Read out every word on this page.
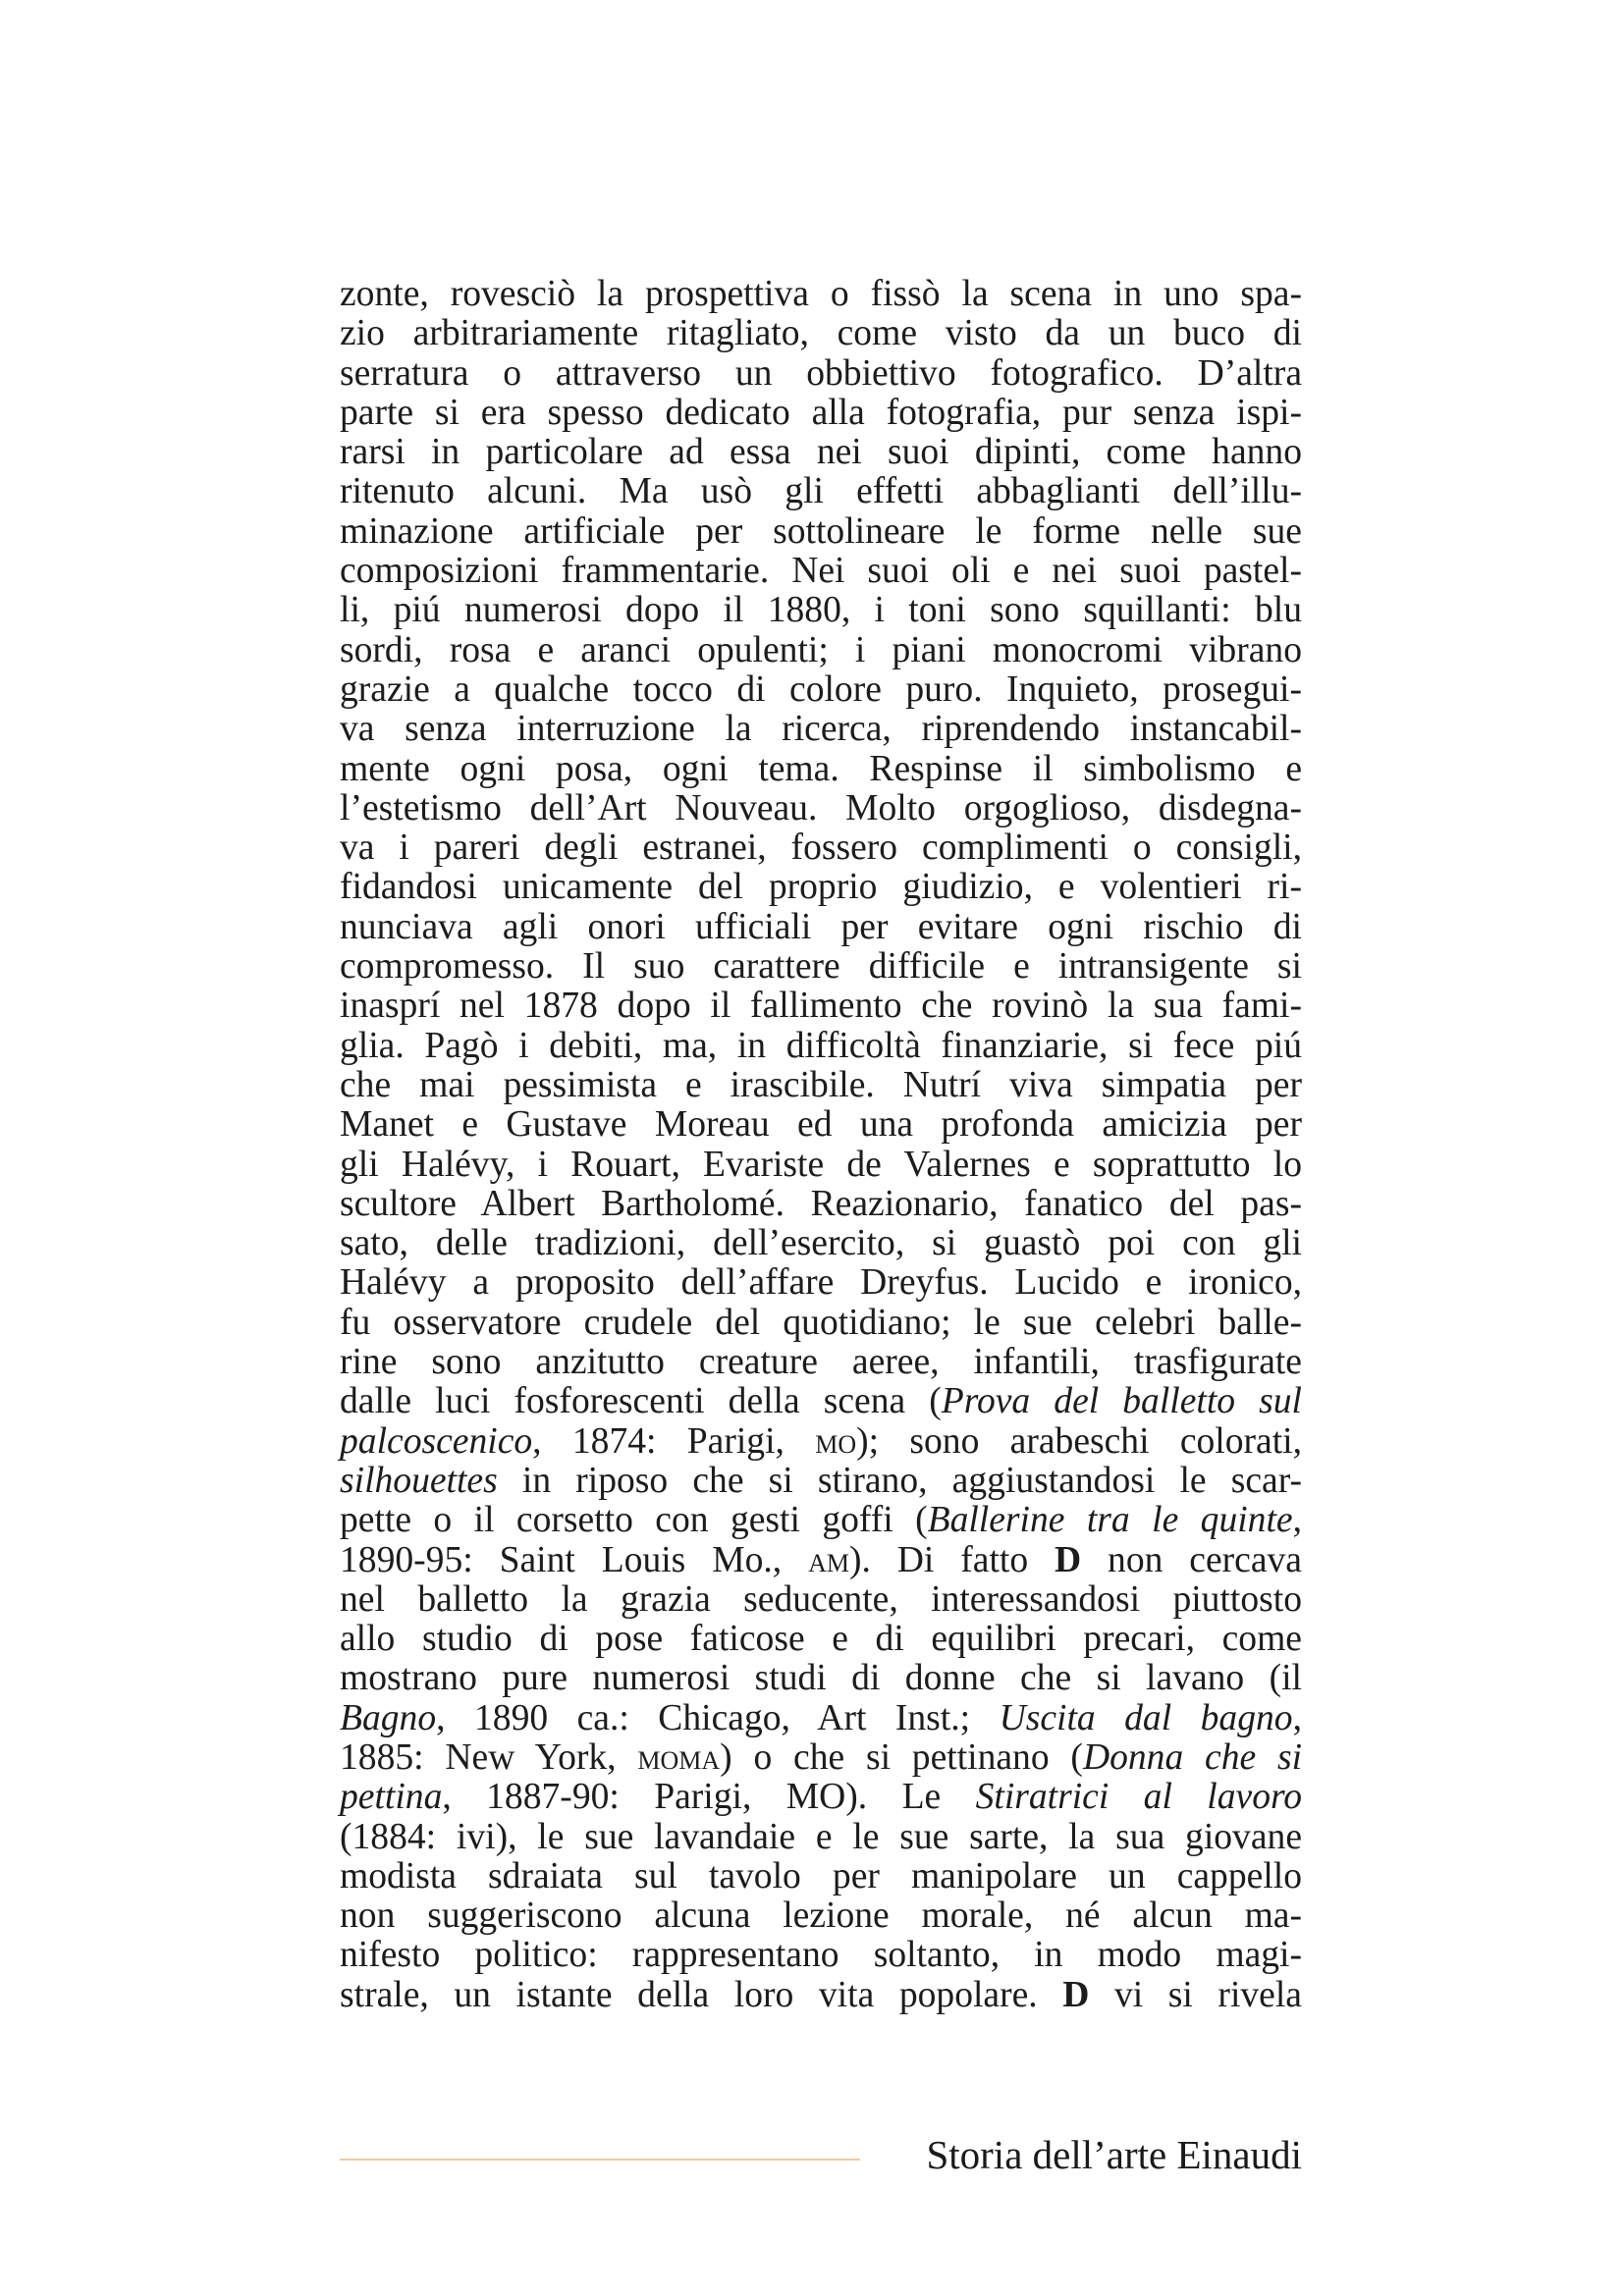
zonte, rovesciò la prospettiva o fissò la scena in uno spa-
zio arbitrariamente ritagliato, come visto da un buco di
serratura o attraverso un obbiettivo fotografico. D’altra
parte si era spesso dedicato alla fotografia, pur senza ispi-
rarsi in particolare ad essa nei suoi dipinti, come hanno
ritenuto alcuni. Ma usò gli effetti abbaglianti dell’illu-
minazione artificiale per sottolineare le forme nelle sue
composizioni frammentarie. Nei suoi oli e nei suoi pastel-
li, piú numerosi dopo il 1880, i toni sono squillanti: blu
sordi, rosa e aranci opulenti; i piani monocromi vibrano
grazie a qualche tocco di colore puro. Inquieto, prosegui-
va senza interruzione la ricerca, riprendendo instancabil-
mente ogni posa, ogni tema. Respinse il simbolismo e
l’estetismo dell’Art Nouveau. Molto orgoglioso, disdegna-
va i pareri degli estranei, fossero complimenti o consigli,
fidandosi unicamente del proprio giudizio, e volentieri ri-
nunciava agli onori ufficiali per evitare ogni rischio di
compromesso. Il suo carattere difficile e intransigente si
inasprí nel 1878 dopo il fallimento che rovinò la sua fami-
glia. Pagò i debiti, ma, in difficoltà finanziarie, si fece piú
che mai pessimista e irascibile. Nutrí viva simpatia per
Manet e Gustave Moreau ed una profonda amicizia per
gli Halévy, i Rouart, Evariste de Valernes e soprattutto lo
scultore Albert Bartholomé. Reazionario, fanatico del pas-
sato, delle tradizioni, dell’esercito, si guastò poi con gli
Halévy a proposito dell’affare Dreyfus. Lucido e ironico,
fu osservatore crudele del quotidiano; le sue celebri balle-
rine sono anzitutto creature aeree, infantili, trasfigurate
dalle luci fosforescenti della scena (Prova del balletto sul
palcoscenico, 1874: Parigi, mo); sono arabeschi colorati,
silhouettes in riposo che si stirano, aggiustandosi le scar-
pette o il corsetto con gesti goffi (Ballerine tra le quinte,
1890-95: Saint Louis Mo., am). Di fatto D non cercava
nel balletto la grazia seducente, interessandosi piuttosto
allo studio di pose faticose e di equilibri precari, come
mostrano pure numerosi studi di donne che si lavano (il
Bagno, 1890 ca.: Chicago, Art Inst.; Uscita dal bagno,
1885: New York, moma) o che si pettinano (Donna che si
pettina, 1887-90: Parigi, MO). Le Stiratrici al lavoro
(1884: ivi), le sue lavandaie e le sue sarte, la sua giovane
modista sdraiata sul tavolo per manipolare un cappello
non suggeriscono alcuna lezione morale, né alcun ma-
nifesto politico: rappresentano soltanto, in modo magi-
strale, un istante della loro vita popolare. D vi si rivela
Storia dell’arte Einaudi
